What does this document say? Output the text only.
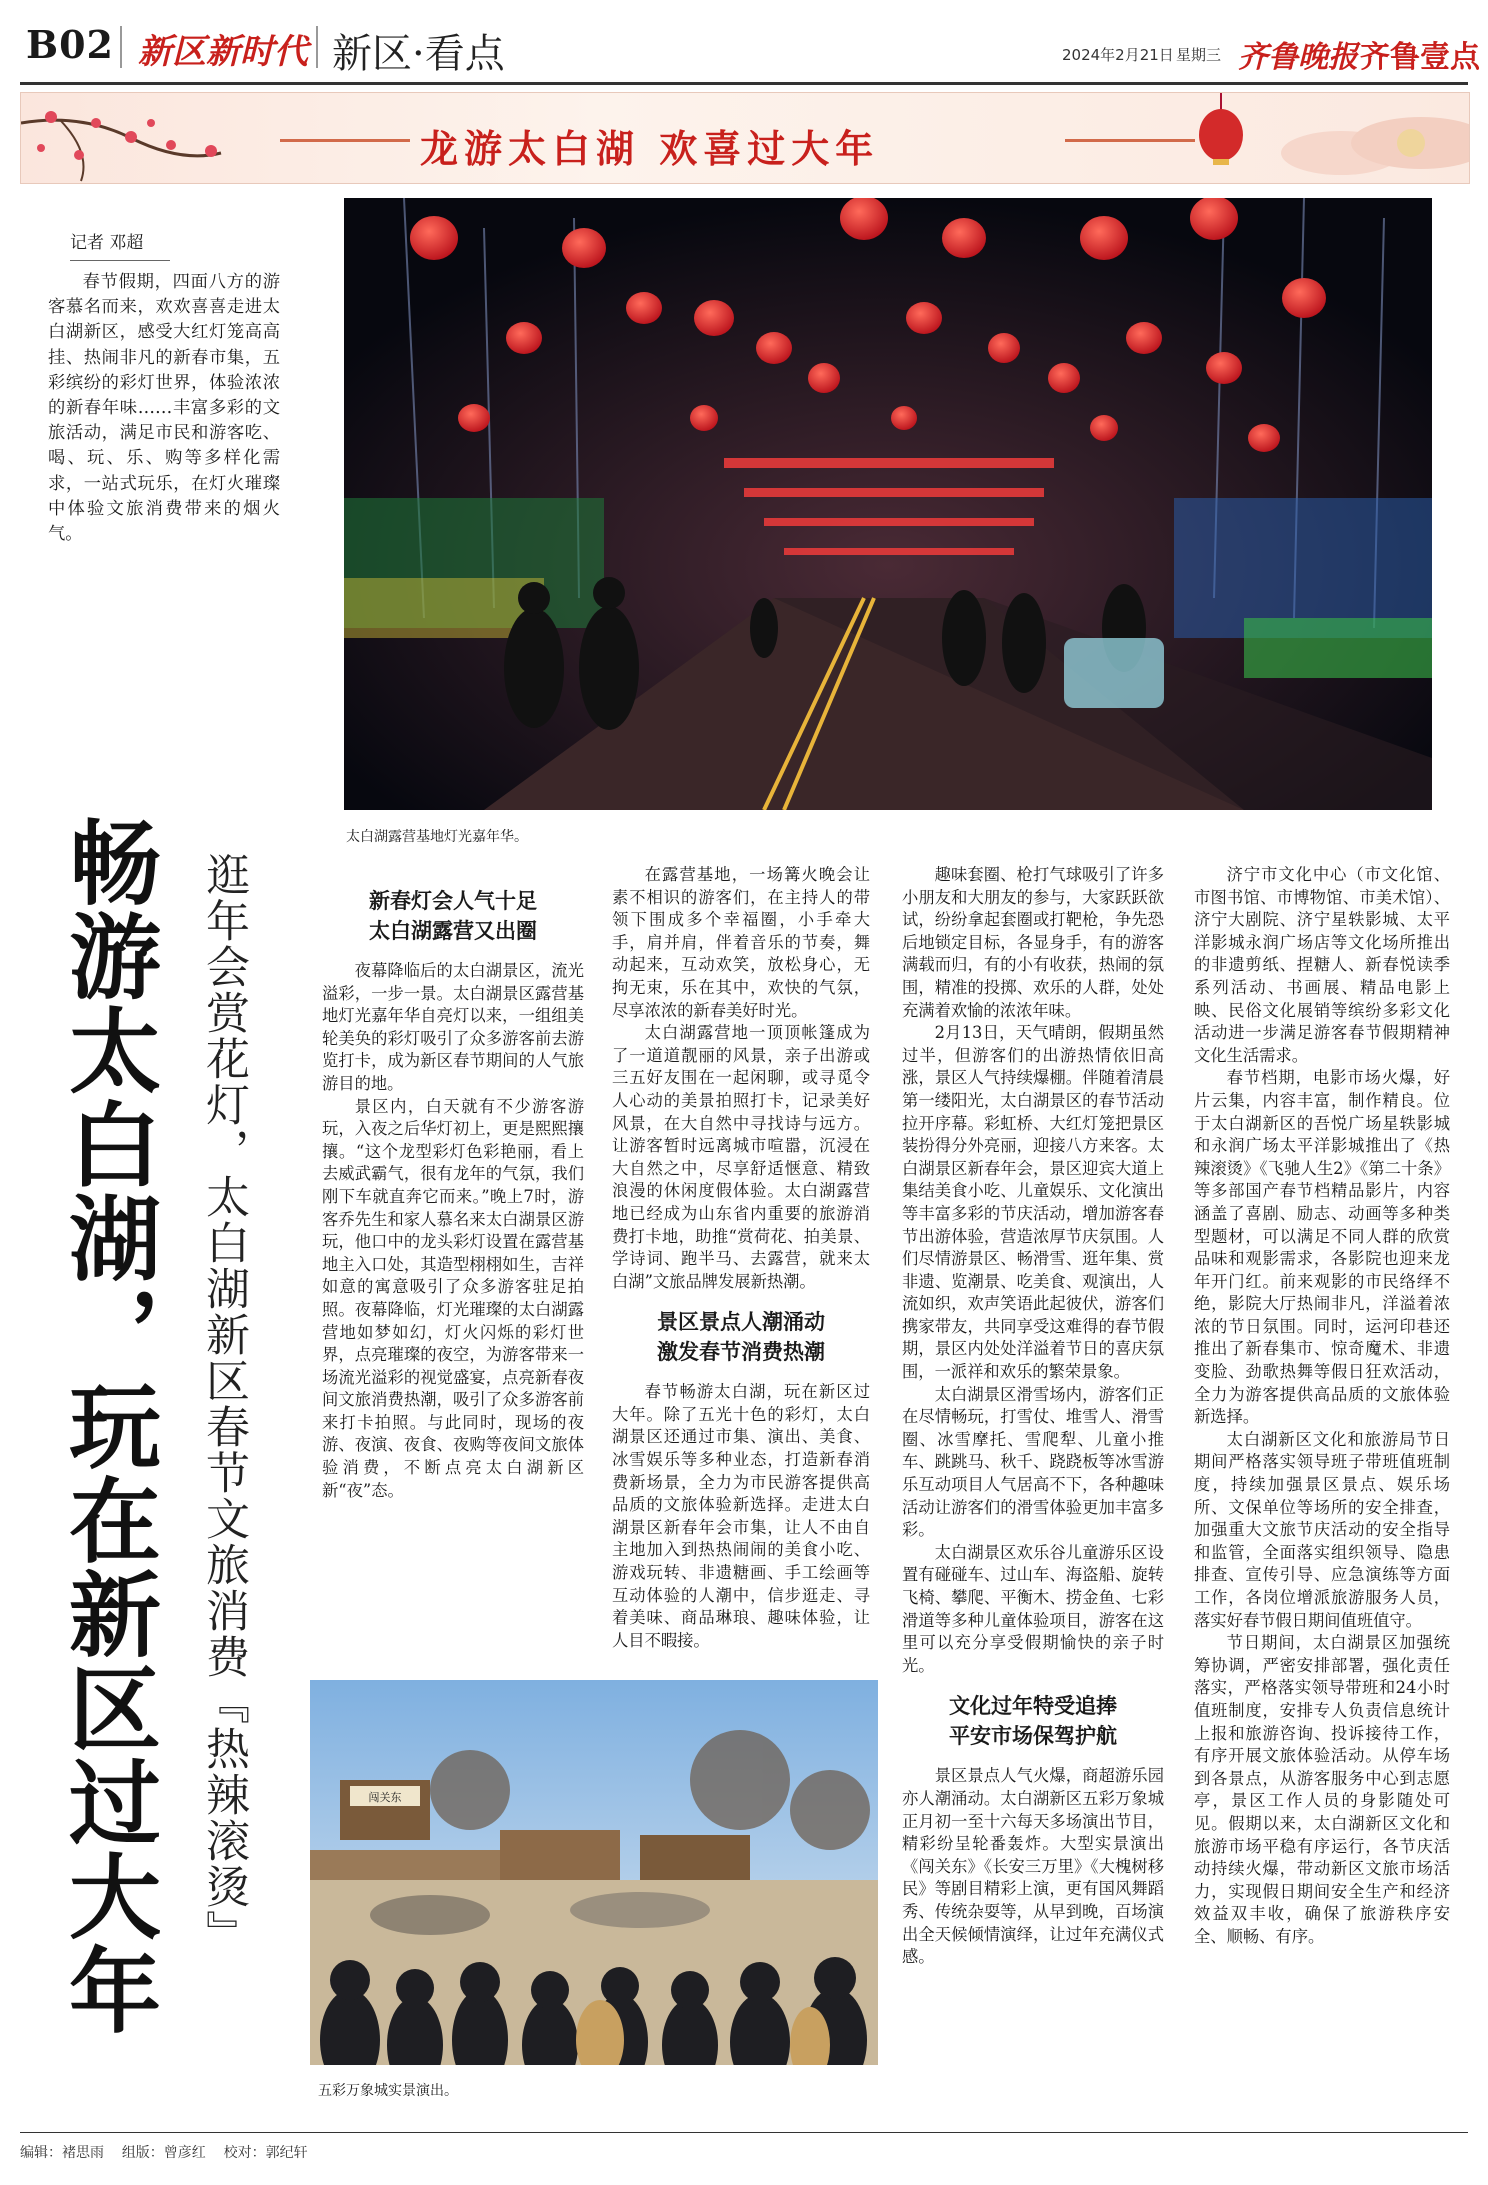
B02 新区新时代 新区·看点	2024年2月21日 星期三 齐鲁晚报 齐鲁壹点
龙游太白湖 欢喜过大年
记者 邓超

春节假期，四面八方的游客慕名而来，欢欢喜喜走进太白湖新区，感受大红灯笼高高挂、热闹非凡的新春市集，五彩缤纷的彩灯世界，体验浓浓的新春年味……丰富多彩的文旅活动，满足市民和游客吃、喝、玩、乐、购等多样化需求，一站式玩乐，在灯火璀璨中体验文旅消费带来的烟火气。

畅游太白湖，玩在新区过大年 逛年会赏花灯，太白湖新区春节文旅消费『热辣滚烫』
太白湖露营基地灯光嘉年华。
新春灯会人气十足
太白湖露营又出圈

夜幕降临后的太白湖景区，流光溢彩，一步一景。太白湖景区露营基地灯光嘉年华自亮灯以来，一组组美轮美奂的彩灯吸引了众多游客前去游览打卡，成为新区春节期间的人气旅游目的地。

景区内，白天就有不少游客游玩，入夜之后华灯初上，更是熙熙攘攘。“这个龙型彩灯色彩艳丽，看上去威武霸气，很有龙年的气氛，我们刚下车就直奔它而来。”晚上7时，游客乔先生和家人慕名来太白湖景区游玩，他口中的龙头彩灯设置在露营基地主入口处，其造型栩栩如生，吉祥如意的寓意吸引了众多游客驻足拍照。夜幕降临，灯光璀璨的太白湖露营地如梦如幻，灯火闪烁的彩灯世界，点亮璀璨的夜空，为游客带来一场流光溢彩的视觉盛宴，点亮新春夜间文旅消费热潮，吸引了众多游客前来打卡拍照。与此同时，现场的夜游、夜演、夜食、夜购等夜间文旅体验消费，不断点亮太白湖新区新“夜”态。

在露营基地，一场篝火晚会让素不相识的游客们，在主持人的带领下围成多个幸福圈，小手牵大手，肩并肩，伴着音乐的节奏，舞动起来，互动欢笑，放松身心，无拘无束，乐在其中，欢快的气氛，尽享浓浓的新春美好时光。

太白湖露营地一顶顶帐篷成为了一道道靓丽的风景，亲子出游或三五好友围在一起闲聊，或寻觅令人心动的美景拍照打卡，记录美好风景，在大自然中寻找诗与远方。让游客暂时远离城市喧嚣，沉浸在大自然之中，尽享舒适惬意、精致浪漫的休闲度假体验。太白湖露营地已经成为山东省内重要的旅游消费打卡地，助推“赏荷花、拍美景、学诗词、跑半马、去露营，就来太白湖”文旅品牌发展新热潮。

景区景点人潮涌动
激发春节消费热潮

春节畅游太白湖，玩在新区过大年。除了五光十色的彩灯，太白湖景区还通过市集、演出、美食、冰雪娱乐等多种业态，打造新春消费新场景，全力为市民游客提供高品质的文旅体验新选择。走进太白湖景区新春年会市集，让人不由自主地加入到热热闹闹的美食小吃、游戏玩转、非遗糖画、手工绘画等互动体验的人潮中，信步逛走、寻着美味、商品琳琅、趣味体验，让人目不暇接。

趣味套圈、枪打气球吸引了许多小朋友和大朋友的参与，大家跃跃欲试，纷纷拿起套圈或打靶枪，争先恐后地锁定目标，各显身手，有的游客满载而归，有的小有收获，热闹的氛围，精准的投掷、欢乐的人群，处处充满着欢愉的浓浓年味。

2月13日，天气晴朗，假期虽然过半，但游客们的出游热情依旧高涨，景区人气持续爆棚。伴随着清晨第一缕阳光，太白湖景区的春节活动拉开序幕。彩虹桥、大红灯笼把景区装扮得分外亮丽，迎接八方来客。太白湖景区新春年会，景区迎宾大道上集结美食小吃、儿童娱乐、文化演出等丰富多彩的节庆活动，增加游客春节出游体验，营造浓厚节庆氛围。人们尽情游景区、畅滑雪、逛年集、赏非遗、览潮景、吃美食、观演出，人流如织，欢声笑语此起彼伏，游客们携家带友，共同享受这难得的春节假期，景区内处处洋溢着节日的喜庆氛围，一派祥和欢乐的繁荣景象。

太白湖景区滑雪场内，游客们正在尽情畅玩，打雪仗、堆雪人、滑雪圈、冰雪摩托、雪爬犁、儿童小推车、跳跳马、秋千、跷跷板等冰雪游乐互动项目人气居高不下，各种趣味活动让游客们的滑雪体验更加丰富多彩。

太白湖景区欢乐谷儿童游乐区设置有碰碰车、过山车、海盗船、旋转飞椅、攀爬、平衡木、捞金鱼、七彩滑道等多种儿童体验项目，游客在这里可以充分享受假期愉快的亲子时光。

文化过年特受追捧
平安市场保驾护航

景区景点人气火爆，商超游乐园亦人潮涌动。太白湖新区五彩万象城正月初一至十六每天多场演出节目，精彩纷呈轮番轰炸。大型实景演出《闯关东》《长安三万里》《大槐树移民》等剧目精彩上演，更有国风舞蹈秀、传统杂耍等，从早到晚，百场演出全天候倾情演绎，让过年充满仪式感。

济宁市文化中心（市文化馆、市图书馆、市博物馆、市美术馆）、济宁大剧院、济宁星轶影城、太平洋影城永润广场店等文化场所推出的非遗剪纸、捏糖人、新春悦读季系列活动、书画展、精品电影上映、民俗文化展销等缤纷多彩文化活动进一步满足游客春节假期精神文化生活需求。

春节档期，电影市场火爆，好片云集，内容丰富，制作精良。位于太白湖新区的吾悦广场星轶影城和永润广场太平洋影城推出了《热辣滚烫》《飞驰人生2》《第二十条》等多部国产春节档精品影片，内容涵盖了喜剧、励志、动画等多种类型题材，可以满足不同人群的欣赏品味和观影需求，各影院也迎来龙年开门红。前来观影的市民络绎不绝，影院大厅热闹非凡，洋溢着浓浓的节日氛围。同时，运河印巷还推出了新春集市、惊奇魔术、非遗变脸、劲歌热舞等假日狂欢活动，全力为游客提供高品质的文旅体验新选择。

太白湖新区文化和旅游局节日期间严格落实领导班子带班值班制度，持续加强景区景点、娱乐场所、文保单位等场所的安全排查，加强重大文旅节庆活动的安全指导和监管，全面落实组织领导、隐患排查、宣传引导、应急演练等方面工作，各岗位增派旅游服务人员，落实好春节假日期间值班值守。

节日期间，太白湖景区加强统筹协调，严密安排部署，强化责任落实，严格落实领导带班和24小时值班制度，安排专人负责信息统计上报和旅游咨询、投诉接待工作，有序开展文旅体验活动。从停车场到各景点，从游客服务中心到志愿亭，景区工作人员的身影随处可见。假期以来，太白湖新区文化和旅游市场平稳有序运行，各节庆活动持续火爆，带动新区文旅市场活力，实现假日期间安全生产和经济效益双丰收，确保了旅游秩序安全、顺畅、有序。

闯关东
五彩万象城实景演出。
编辑：褚思雨 组版：曾彦红 校对：郭纪轩
